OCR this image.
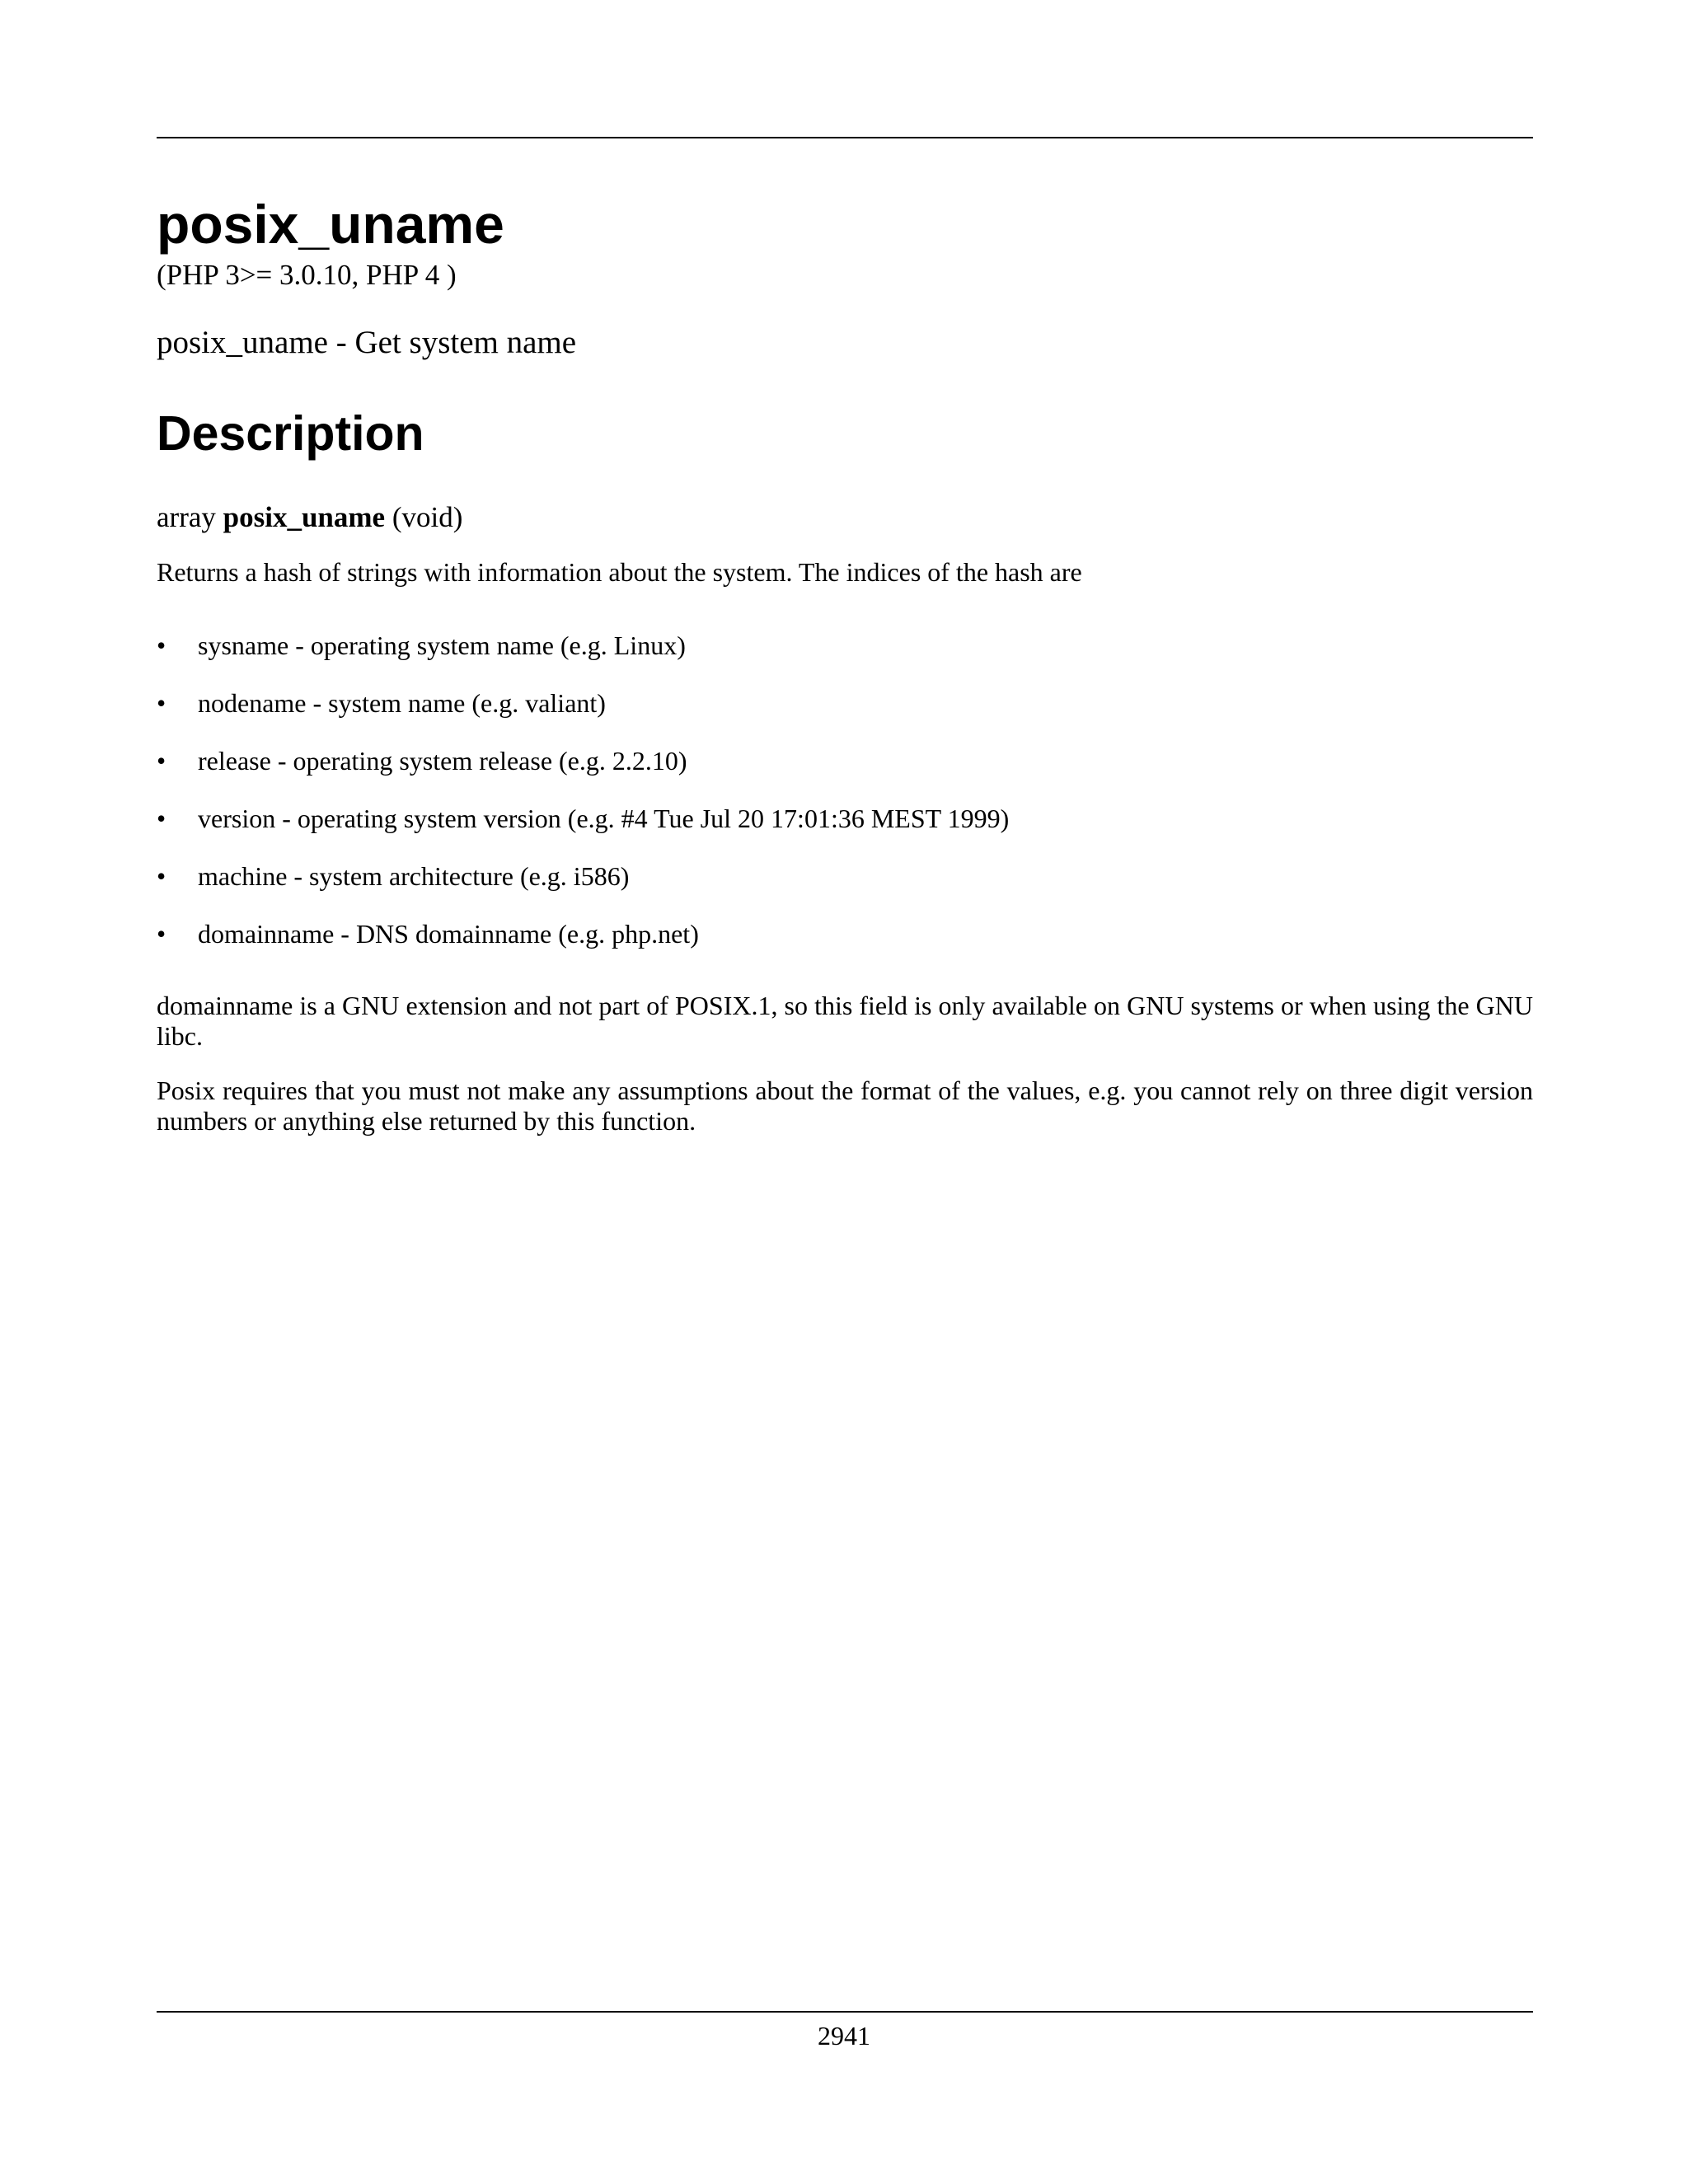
posix_uname
(PHP 3>= 3.0.10, PHP 4 )
posix_uname - Get system name
Description
array posix_uname (void)

Returns a hash of strings with information about the system. The indices of the hash are

• sysname - operating system name (e.g. Linux)
• nodename - system name (e.g. valiant)
• release - operating system release (e.g. 2.2.10)
• version - operating system version (e.g. #4 Tue Jul 20 17:01:36 MEST 1999)
• machine - system architecture (e.g. i586)
• domainname - DNS domainname (e.g. php.net)

domainname is a GNU extension and not part of POSIX.1, so this field is only available on GNU systems or when using the GNU libc.

Posix requires that you must not make any assumptions about the format of the values, e.g. you cannot rely on three digit version numbers or anything else returned by this function.

2941
